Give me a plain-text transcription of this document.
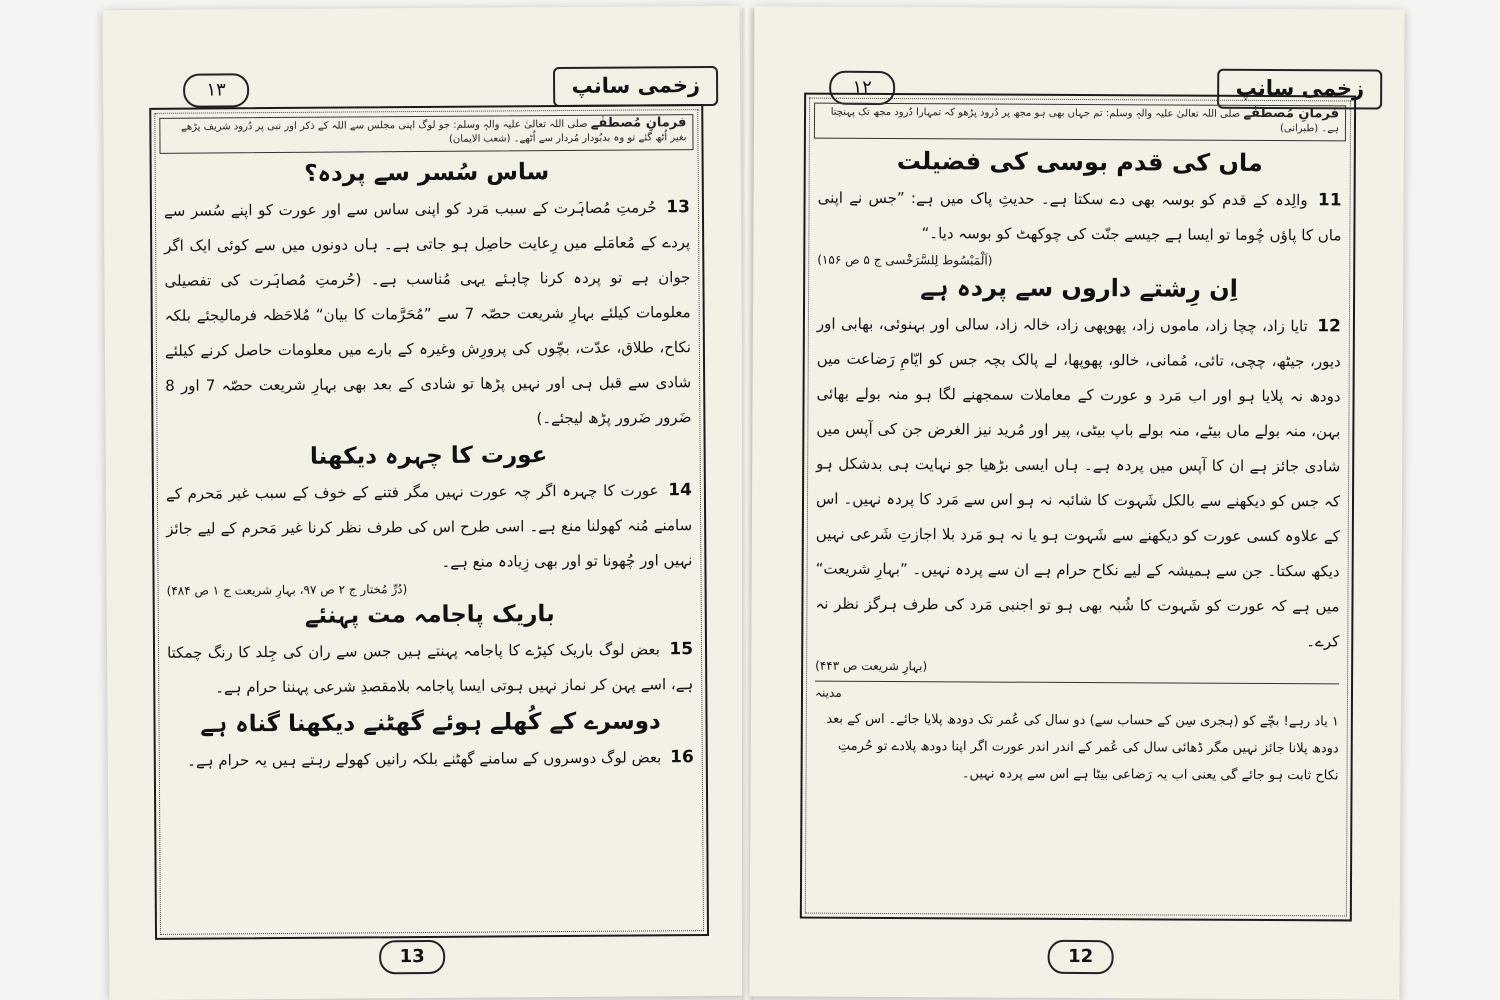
زخمی سانپ
۱۳
فرمانِ مُصطفٰے صلی اللہ تعالیٰ علیہ والہٖ وسلم: جو لوگ اپنی مجلس سے اللہ کے ذکر اور نبی پر دُرود شریف پڑھے بغیر اُٹھ گئے تو وہ بدبُودار مُردار سے اُٹھے۔ (شعب الایمان)
ساس سُسر سے پردہ؟
13 حُرمتِ مُصاہَرت کے سبب مَرد کو اپنی ساس سے اور عورت کو اپنے سُسر سے پردے کے مُعامَلے میں رِعایت حاصِل ہو جاتی ہے۔ ہاں دونوں میں سے کوئی ایک اگر جوان ہے تو پردہ کرنا چاہئے یہی مُناسب ہے۔ (حُرمتِ مُصاہَرت کی تفصیلی معلومات کیلئے بہارِ شریعت حصّہ 7 سے ”مُحَرَّمات کا بیان“ مُلاحَظہ فرمالیجئے بلکہ نکاح، طلاق، عدّت، بچّوں کی پرورِش وغیرہ کے بارے میں معلومات حاصل کرنے کیلئے شادی سے قبل ہی اور نہیں پڑھا تو شادی کے بعد بھی بہارِ شریعت حصّہ 7 اور 8 ضَرور ضَرور پڑھ لیجئے۔)
عورت کا چہرہ دیکھنا
14 عورت کا چہرہ اگر چہ عورت نہیں مگر فتنے کے خوف کے سبب غیر مَحرم کے سامنے مُنہ کھولنا منع ہے۔ اسی طرح اس کی طرف نظر کرنا غیر مَحرم کے لیے جائز نہیں اور چُھونا تو اور بھی زِیادہ منع ہے۔
(دُرِّ مُختار ج ۲ ص ۹۷، بہارِ شریعت ج ۱ ص ۴۸۴)
باریک پاجامہ مت پہنئے
15 بعض لوگ باریک کپڑے کا پاجامہ پہنتے ہیں جس سے ران کی جِلد کا رنگ چمکتا ہے، اسے پہن کر نماز نہیں ہوتی ایسا پاجامہ بلامقصدِ شرعی پہننا حرام ہے۔
دوسرے کے کُھلے ہوئے گھٹنے دیکھنا گناہ ہے
16 بعض لوگ دوسروں کے سامنے گھٹنے بلکہ رانیں کھولے رہتے ہیں یہ حرام ہے۔
13
زخمی سانپ
۱۲
فرمانِ مُصطفٰے صلی اللہ تعالیٰ علیہ والہٖ وسلم: تم جہاں بھی ہو مجھ پر دُرود پڑھو کہ تمہارا دُرود مجھ تک پہنچتا ہے۔ (طبرانی)
ماں کی قدم بوسی کی فضیلت
11 والِدہ کے قدم کو بوسہ بھی دے سکتا ہے۔ حدیثِ پاک میں ہے: ”جس نے اپنی ماں کا پاؤں چُوما تو ایسا ہے جیسے جنّت کی چوکھٹ کو بوسہ دیا۔“
(اَلْمَبْسُوط لِلسَّرَخْسی ج ۵ ص ۱۵۶)
اِن رِشتے داروں سے پردہ ہے
12 تایا زاد، چچا زاد، ماموں زاد، پھوپھی زاد، خالہ زاد، سالی اور بہنوئی، بھابی اور دیور، جیٹھ، چچی، تائی، مُمانی، خالو، پھوپھا، لے پالک بچہ جس کو ایّامِ رَضاعت میں دودھ نہ پلایا ہو اور اب مَرد و عورت کے معاملات سمجھنے لگا ہو منہ بولے بھائی بہن، منہ بولے ماں بیٹے، منہ بولے باپ بیٹی، پیر اور مُرید نیز الغرض جن کی آپس میں شادی جائز ہے ان کا آپس میں پردہ ہے۔ ہاں ایسی بڑھیا جو نہایت ہی بدشکل ہو کہ جس کو دیکھنے سے بالکل شَہوت کا شائبہ نہ ہو اس سے مَرد کا پردہ نہیں۔ اس کے علاوہ کسی عورت کو دیکھنے سے شَہوت ہو یا نہ ہو مَرد بلا اجازتِ شَرعی نہیں دیکھ سکتا۔ جن سے ہمیشہ کے لیے نکاح حرام ہے ان سے پردہ نہیں۔ ”بہارِ شریعت“ میں ہے کہ عورت کو شَہوت کا شُبہ بھی ہو تو اجنبی مَرد کی طرف ہرگز نظر نہ کرے۔
(بہارِ شریعت ص ۴۴۳)
مدینہ
۱ یاد رہے! بچّے کو (ہجری سِن کے حساب سے) دو سال کی عُمر تک دودھ پلایا جائے۔ اس کے بعد دودھ پلانا جائز نہیں مگر ڈھائی سال کی عُمر کے اندر اندر عورت اگر اپنا دودھ پلادے تو حُرمتِ نکاح ثابت ہو جائے گی یعنی اب یہ رَضاعی بیٹا ہے اس سے پردہ نہیں۔
12
